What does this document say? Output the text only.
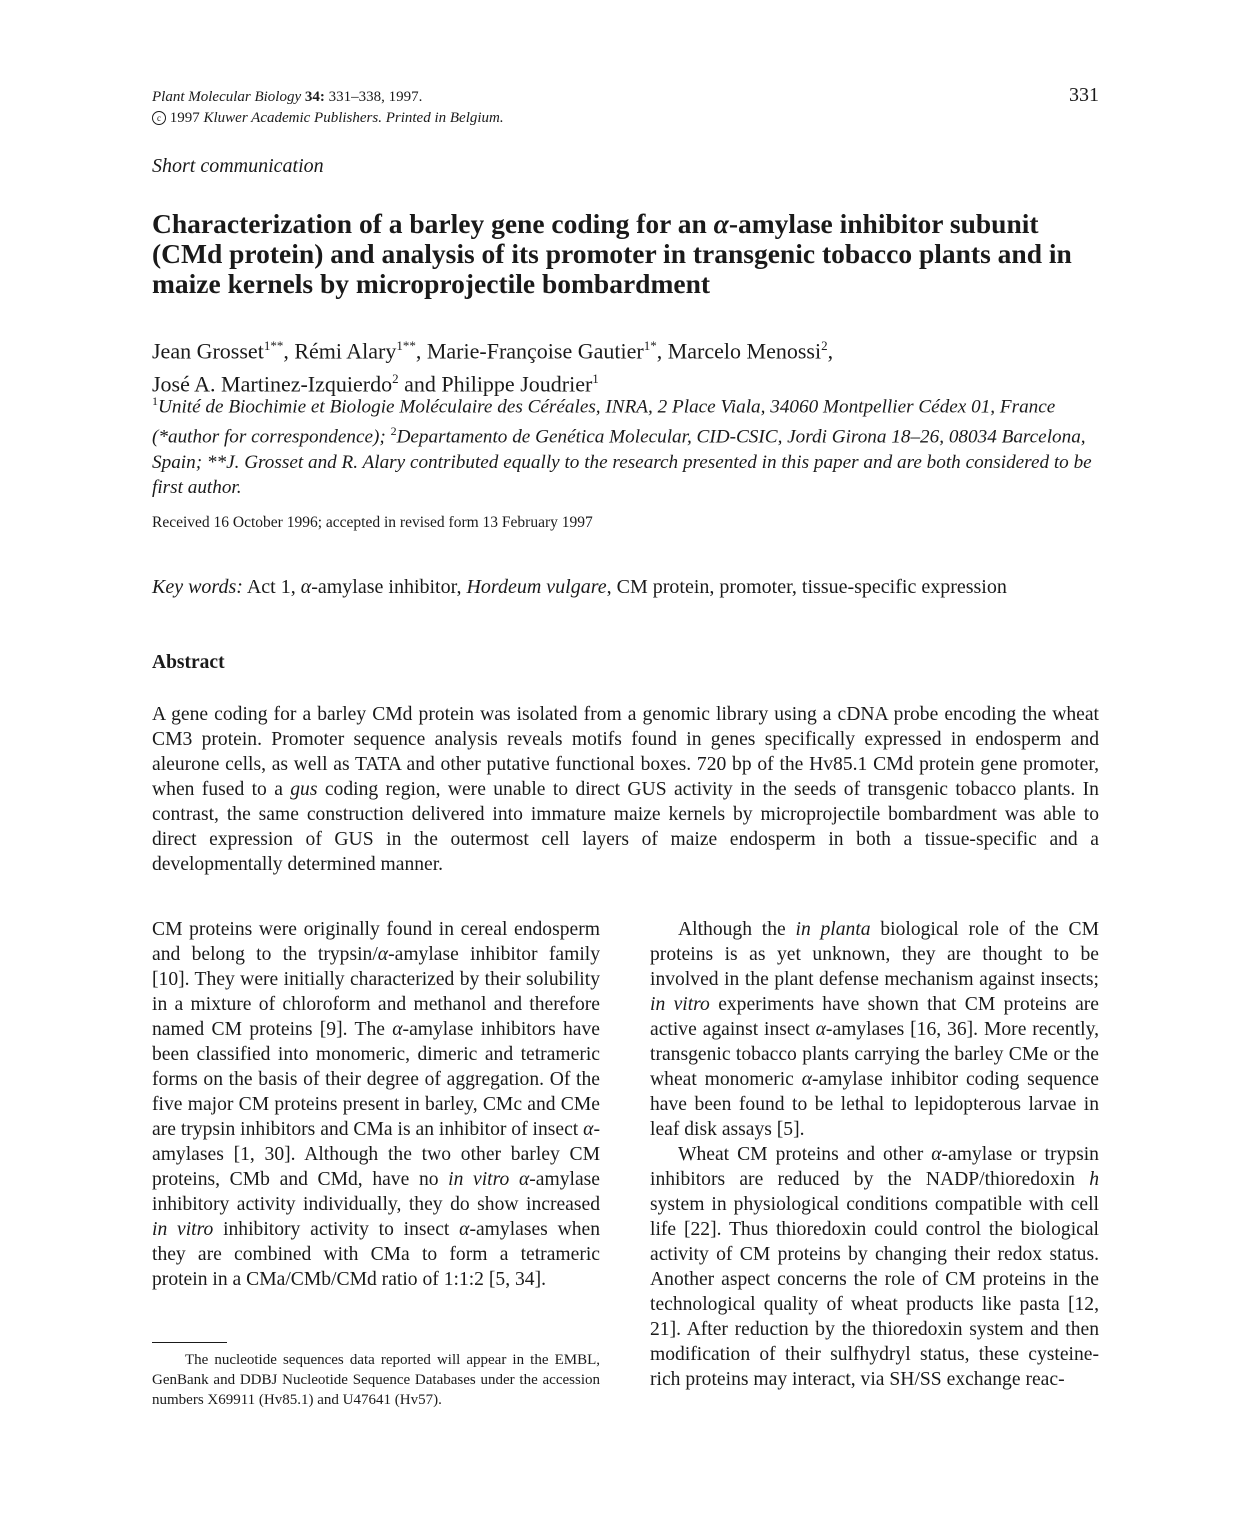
Plant Molecular Biology 34: 331–338, 1997.
c 1997 Kluwer Academic Publishers. Printed in Belgium.
331
Short communication
Characterization of a barley gene coding for an α-amylase inhibitor subunit (CMd protein) and analysis of its promoter in transgenic tobacco plants and in maize kernels by microprojectile bombardment
Jean Grosset$^{1**}$, Rémi Alary$^{1**}$, Marie-Françoise Gautier$^{1*}$, Marcelo Menossi$^2$,
José A. Martinez-Izquierdo$^2$ and Philippe Joudrier$^1$
$^1$Unité de Biochimie et Biologie Moléculaire des Céréales, INRA, 2 Place Viala, 34060 Montpellier Cédex 01, France (*author for correspondence); $^2$Departamento de Genética Molecular, CID-CSIC, Jordi Girona 18–26, 08034 Barcelona, Spain; **J. Grosset and R. Alary contributed equally to the research presented in this paper and are both considered to be first author.
Received 16 October 1996; accepted in revised form 13 February 1997
Key words: Act 1, α-amylase inhibitor, Hordeum vulgare, CM protein, promoter, tissue-specific expression
Abstract
A gene coding for a barley CMd protein was isolated from a genomic library using a cDNA probe encoding the wheat CM3 protein. Promoter sequence analysis reveals motifs found in genes specifically expressed in endosperm and aleurone cells, as well as TATA and other putative functional boxes. 720 bp of the Hv85.1 CMd protein gene promoter, when fused to a gus coding region, were unable to direct GUS activity in the seeds of transgenic tobacco plants. In contrast, the same construction delivered into immature maize kernels by microprojectile bombardment was able to direct expression of GUS in the outermost cell layers of maize endosperm in both a tissue-specific and a developmentally determined manner.

CM proteins were originally found in cereal endosperm and belong to the trypsin/α-amylase inhibitor family [10]. They were initially characterized by their solubility in a mixture of chloroform and methanol and therefore named CM proteins [9]. The α-amylase inhibitors have been classified into monomeric, dimeric and tetrameric forms on the basis of their degree of aggregation. Of the five major CM proteins present in barley, CMc and CMe are trypsin inhibitors and CMa is an inhibitor of insect α-amylases [1, 30]. Although the two other barley CM proteins, CMb and CMd, have no in vitro α-amylase inhibitory activity individually, they do show increased in vitro inhibitory activity to insect α-amylases when they are combined with CMa to form a tetrameric protein in a CMa/CMb/CMd ratio of 1:1:2 [5, 34].

The nucleotide sequences data reported will appear in the EMBL, GenBank and DDBJ Nucleotide Sequence Databases under the accession numbers X69911 (Hv85.1) and U47641 (Hv57).

Although the in planta biological role of the CM proteins is as yet unknown, they are thought to be involved in the plant defense mechanism against insects; in vitro experiments have shown that CM proteins are active against insect α-amylases [16, 36]. More recently, transgenic tobacco plants carrying the barley CMe or the wheat monomeric α-amylase inhibitor coding sequence have been found to be lethal to lepidopterous larvae in leaf disk assays [5].

Wheat CM proteins and other α-amylase or trypsin inhibitors are reduced by the NADP/thioredoxin h system in physiological conditions compatible with cell life [22]. Thus thioredoxin could control the biological activity of CM proteins by changing their redox status. Another aspect concerns the role of CM proteins in the technological quality of wheat products like pasta [12, 21]. After reduction by the thioredoxin system and then modification of their sulfhydryl status, these cysteine-rich proteins may interact, via SH/SS exchange reac-
